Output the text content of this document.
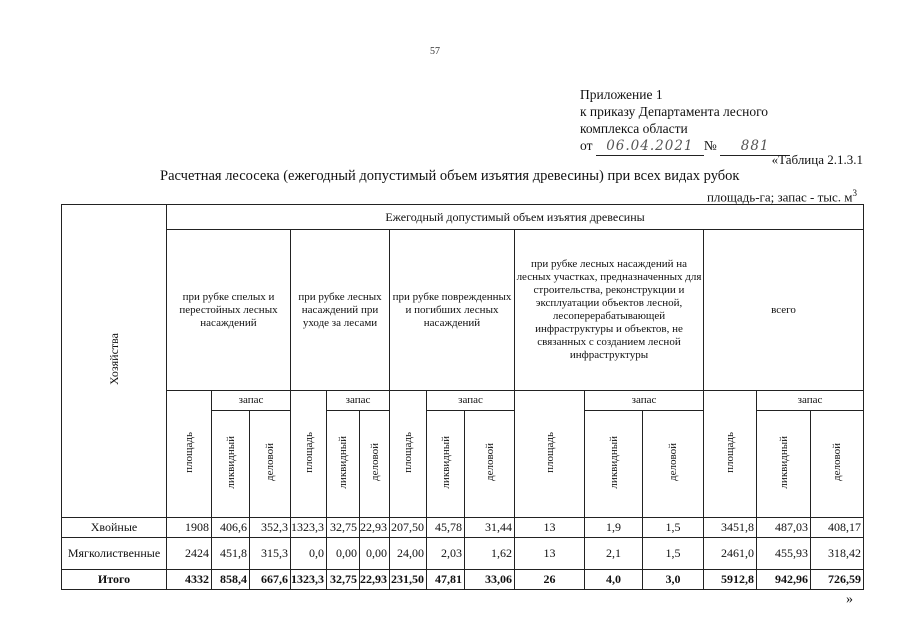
57
Приложение 1
к приказу Департамента лесного
комплекса области
от 06.04.2021 № 881
«Таблица 2.1.3.1
Расчетная лесосека (ежегодный допустимый объем изъятия древесины) при всех видах рубок
площадь-га; запас - тыс. $м^3$
Хозяйства	Ежегодный допустимый объем изъятия древесины														
	при рубке спелых и перестойных лесных насаждений			при рубке лесных насаждений при уходе за лесами			при рубке поврежденных и погибших лесных насаждений			при рубке лесных насаждений на лесных участках, предназначенных для строительства, реконструкции и эксплуатации объектов лесной, лесоперерабатывающей инфраструктуры и объектов, не связанных с созданием лесной инфраструктуры			всего		
	площадь	запас		площадь	запас		площадь	запас		площадь	запас		площадь	запас	
		ликвидный	деловой		ликвидный	деловой		ликвидный	деловой		ликвидный	деловой		ликвидный	деловой
Хвойные	1908	406,6	352,3	1323,3	32,75	22,93	207,50	45,78	31,44	13	1,9	1,5	3451,8	487,03	408,17
Мягколиственные	2424	451,8	315,3	0,0	0,00	0,00	24,00	2,03	1,62	13	2,1	1,5	2461,0	455,93	318,42
Итого	4332	858,4	667,6	1323,3	32,75	22,93	231,50	47,81	33,06	26	4,0	3,0	5912,8	942,96	726,59
»
